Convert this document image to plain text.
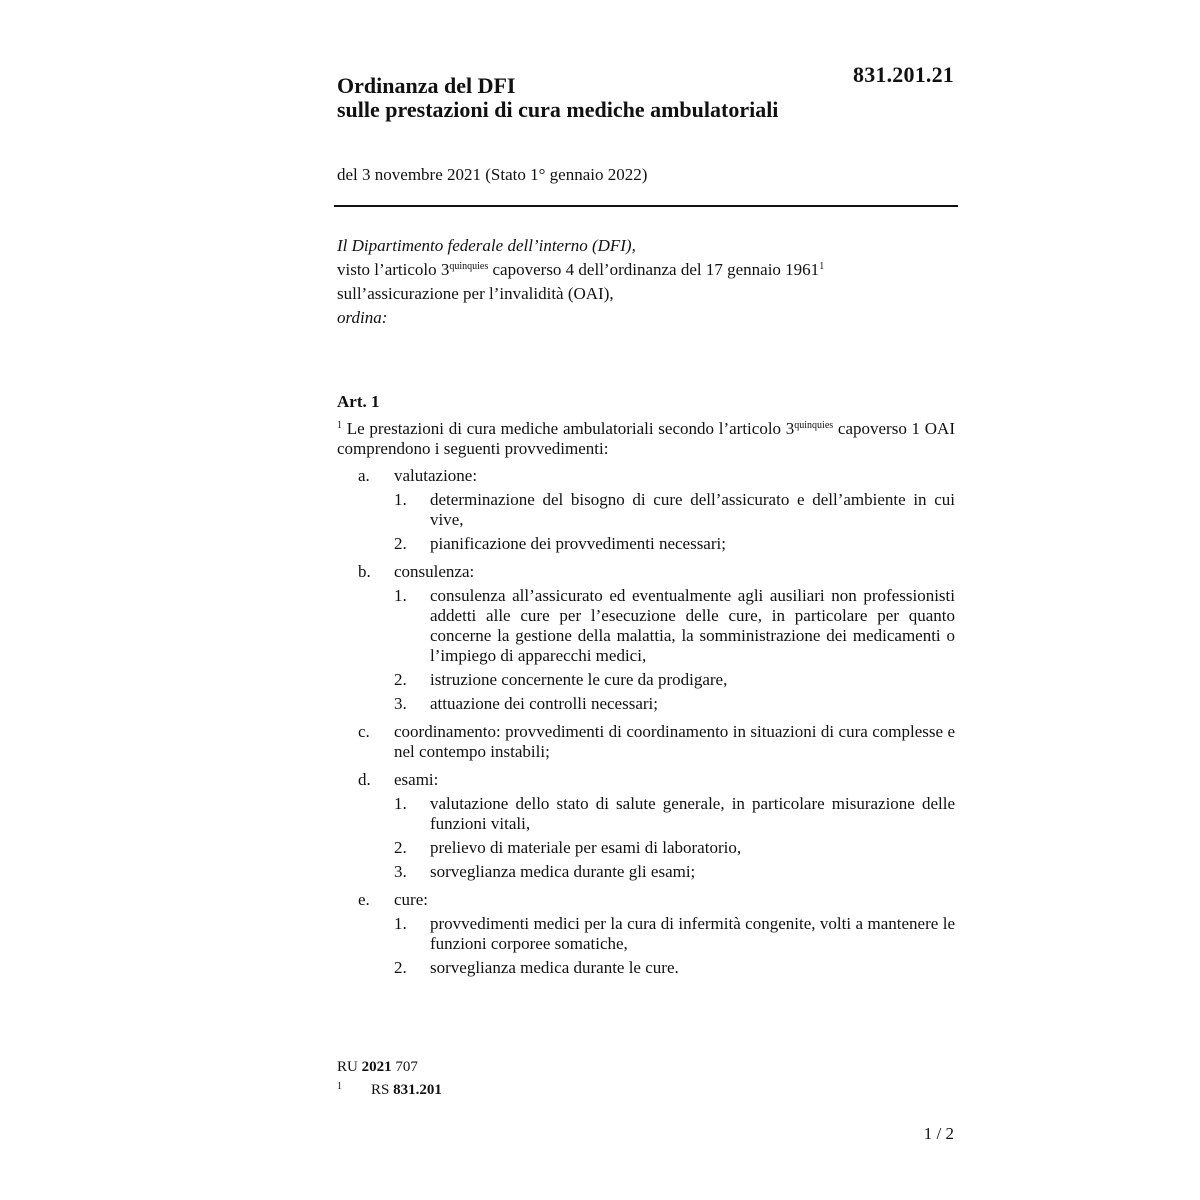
831.201.21
Ordinanza del DFI
sulle prestazioni di cura mediche ambulatoriali
del 3 novembre 2021 (Stato 1° gennaio 2022)
Il Dipartimento federale dell’interno (DFI),
visto l’articolo $3^{quinquies}$ capoverso 4 dell’ordinanza del 17 gennaio 1961$^1$
sull’assicurazione per l’invalidità (OAI),
ordina:
Art. 1
$^1$ Le prestazioni di cura mediche ambulatoriali secondo l’articolo $3^{quinquies}$ capoverso 1 OAI comprendono i seguenti provvedimenti:
a.	valutazione:
1.	determinazione del bisogno di cure dell’assicurato e dell’ambiente in cui vive,
2.	pianificazione dei provvedimenti necessari;
b.	consulenza:
1.	consulenza all’assicurato ed eventualmente agli ausiliari non professionisti addetti alle cure per l’esecuzione delle cure, in particolare per quanto concerne la gestione della malattia, la somministrazione dei medicamenti o l’impiego di apparecchi medici,
2.	istruzione concernente le cure da prodigare,
3.	attuazione dei controlli necessari;
c.	coordinamento: provvedimenti di coordinamento in situazioni di cura complesse e nel contempo instabili;
d.	esami:
1.	valutazione dello stato di salute generale, in particolare misurazione delle funzioni vitali,
2.	prelievo di materiale per esami di laboratorio,
3.	sorveglianza medica durante gli esami;
e.	cure:
1.	provvedimenti medici per la cura di infermità congenite, volti a mantenere le funzioni corporee somatiche,
2.	sorveglianza medica durante le cure.
RU 2021 707
1 RS 831.201
1 / 2
